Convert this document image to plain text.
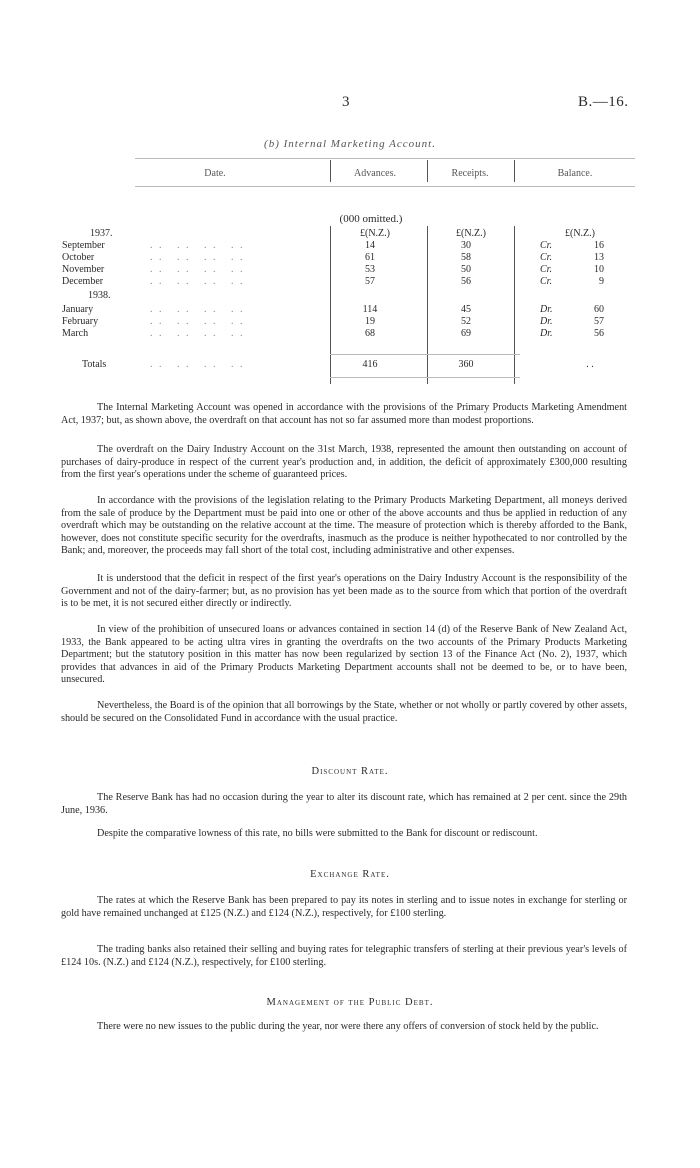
3	B.—16.
(b) Internal Marketing Account.
Date.	Advances.	Receipts.	Balance.
(000 omitted.)
1937.	£(N.Z.)	£(N.Z.)	£(N.Z.)
September	. .   . .   . .   . .	14	30	Cr.	16
October	. .   . .   . .   . .	61	58	Cr.	13
November	. .   . .   . .   . .	53	50	Cr.	10
December	. .   . .   . .   . .	57	56	Cr.	9
January	. .   . .   . .   . .	114	45	Dr.	60
February	. .   . .   . .   . .	19	52	Dr.	57
March	. .   . .   . .   . .	68	69	Dr.	56
1938.
Totals	. .   . .   . .   . .	416	360	. .

The Internal Marketing Account was opened in accordance with the provisions of the Primary Products Marketing Amendment Act, 1937; but, as shown above, the overdraft on that account has not so far assumed more than modest proportions.

The overdraft on the Dairy Industry Account on the 31st March, 1938, represented the amount then outstanding on account of purchases of dairy-produce in respect of the current year's production and, in addition, the deficit of approximately £300,000 resulting from the first year's operations under the scheme of guaranteed prices.

In accordance with the provisions of the legislation relating to the Primary Products Marketing Department, all moneys derived from the sale of produce by the Department must be paid into one or other of the above accounts and thus be applied in reduction of any overdraft which may be outstanding on the relative account at the time. The measure of protection which is thereby afforded to the Bank, however, does not constitute specific security for the overdrafts, inasmuch as the produce is neither hypothecated to nor controlled by the Bank; and, moreover, the proceeds may fall short of the total cost, including administrative and other expenses.

It is understood that the deficit in respect of the first year's operations on the Dairy Industry Account is the responsibility of the Government and not of the dairy-farmer; but, as no provision has yet been made as to the source from which that portion of the overdraft is to be met, it is not secured either directly or indirectly.

In view of the prohibition of unsecured loans or advances contained in section 14 (d) of the Reserve Bank of New Zealand Act, 1933, the Bank appeared to be acting ultra vires in granting the overdrafts on the two accounts of the Primary Products Marketing Department; but the statutory position in this matter has now been regularized by section 13 of the Finance Act (No. 2), 1937, which provides that advances in aid of the Primary Products Marketing Department accounts shall not be deemed to be, or to have been, unsecured.

Nevertheless, the Board is of the opinion that all borrowings by the State, whether or not wholly or partly covered by other assets, should be secured on the Consolidated Fund in accordance with the usual practice.

Discount Rate.

The Reserve Bank has had no occasion during the year to alter its discount rate, which has remained at 2 per cent. since the 29th June, 1936.

Despite the comparative lowness of this rate, no bills were submitted to the Bank for discount or rediscount.

Exchange Rate.

The rates at which the Reserve Bank has been prepared to pay its notes in sterling and to issue notes in exchange for sterling or gold have remained unchanged at £125 (N.Z.) and £124 (N.Z.), respectively, for £100 sterling.

The trading banks also retained their selling and buying rates for telegraphic transfers of sterling at their previous year's levels of £124 10s. (N.Z.) and £124 (N.Z.), respectively, for £100 sterling.

Management of the Public Debt.

There were no new issues to the public during the year, nor were there any offers of conversion of stock held by the public.
